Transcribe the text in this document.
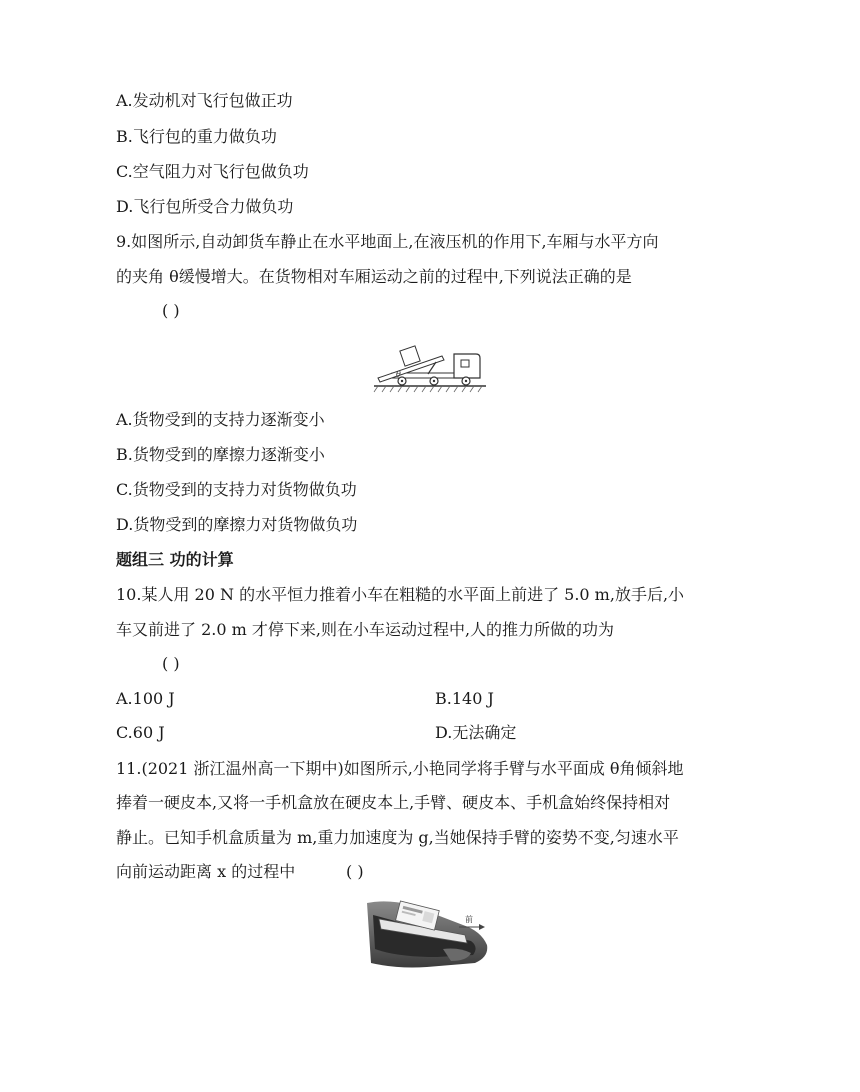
A.发动机对飞行包做正功
B.飞行包的重力做负功
C.空气阻力对飞行包做负功
D.飞行包所受合力做负功
9.如图所示,自动卸货车静止在水平地面上,在液压机的作用下,车厢与水平方向
的夹角 θ缓慢增大。在货物相对车厢运动之前的过程中,下列说法正确的是
( )
θ
A.货物受到的支持力逐渐变小
B.货物受到的摩擦力逐渐变小
C.货物受到的支持力对货物做负功
D.货物受到的摩擦力对货物做负功
题组三 功的计算
10.某人用 20 N 的水平恒力推着小车在粗糙的水平面上前进了 5.0 m,放手后,小
车又前进了 2.0 m 才停下来,则在小车运动过程中,人的推力所做的功为
( )
A.100 J	B.140 J
C.60 J	D.无法确定
11.(2021 浙江温州高一下期中)如图所示,小艳同学将手臂与水平面成 θ角倾斜地
捧着一硬皮本,又将一手机盒放在硬皮本上,手臂、硬皮本、手机盒始终保持相对
静止。已知手机盒质量为 m,重力加速度为 g,当她保持手臂的姿势不变,匀速水平
向前运动距离 x 的过程中	( )
前
